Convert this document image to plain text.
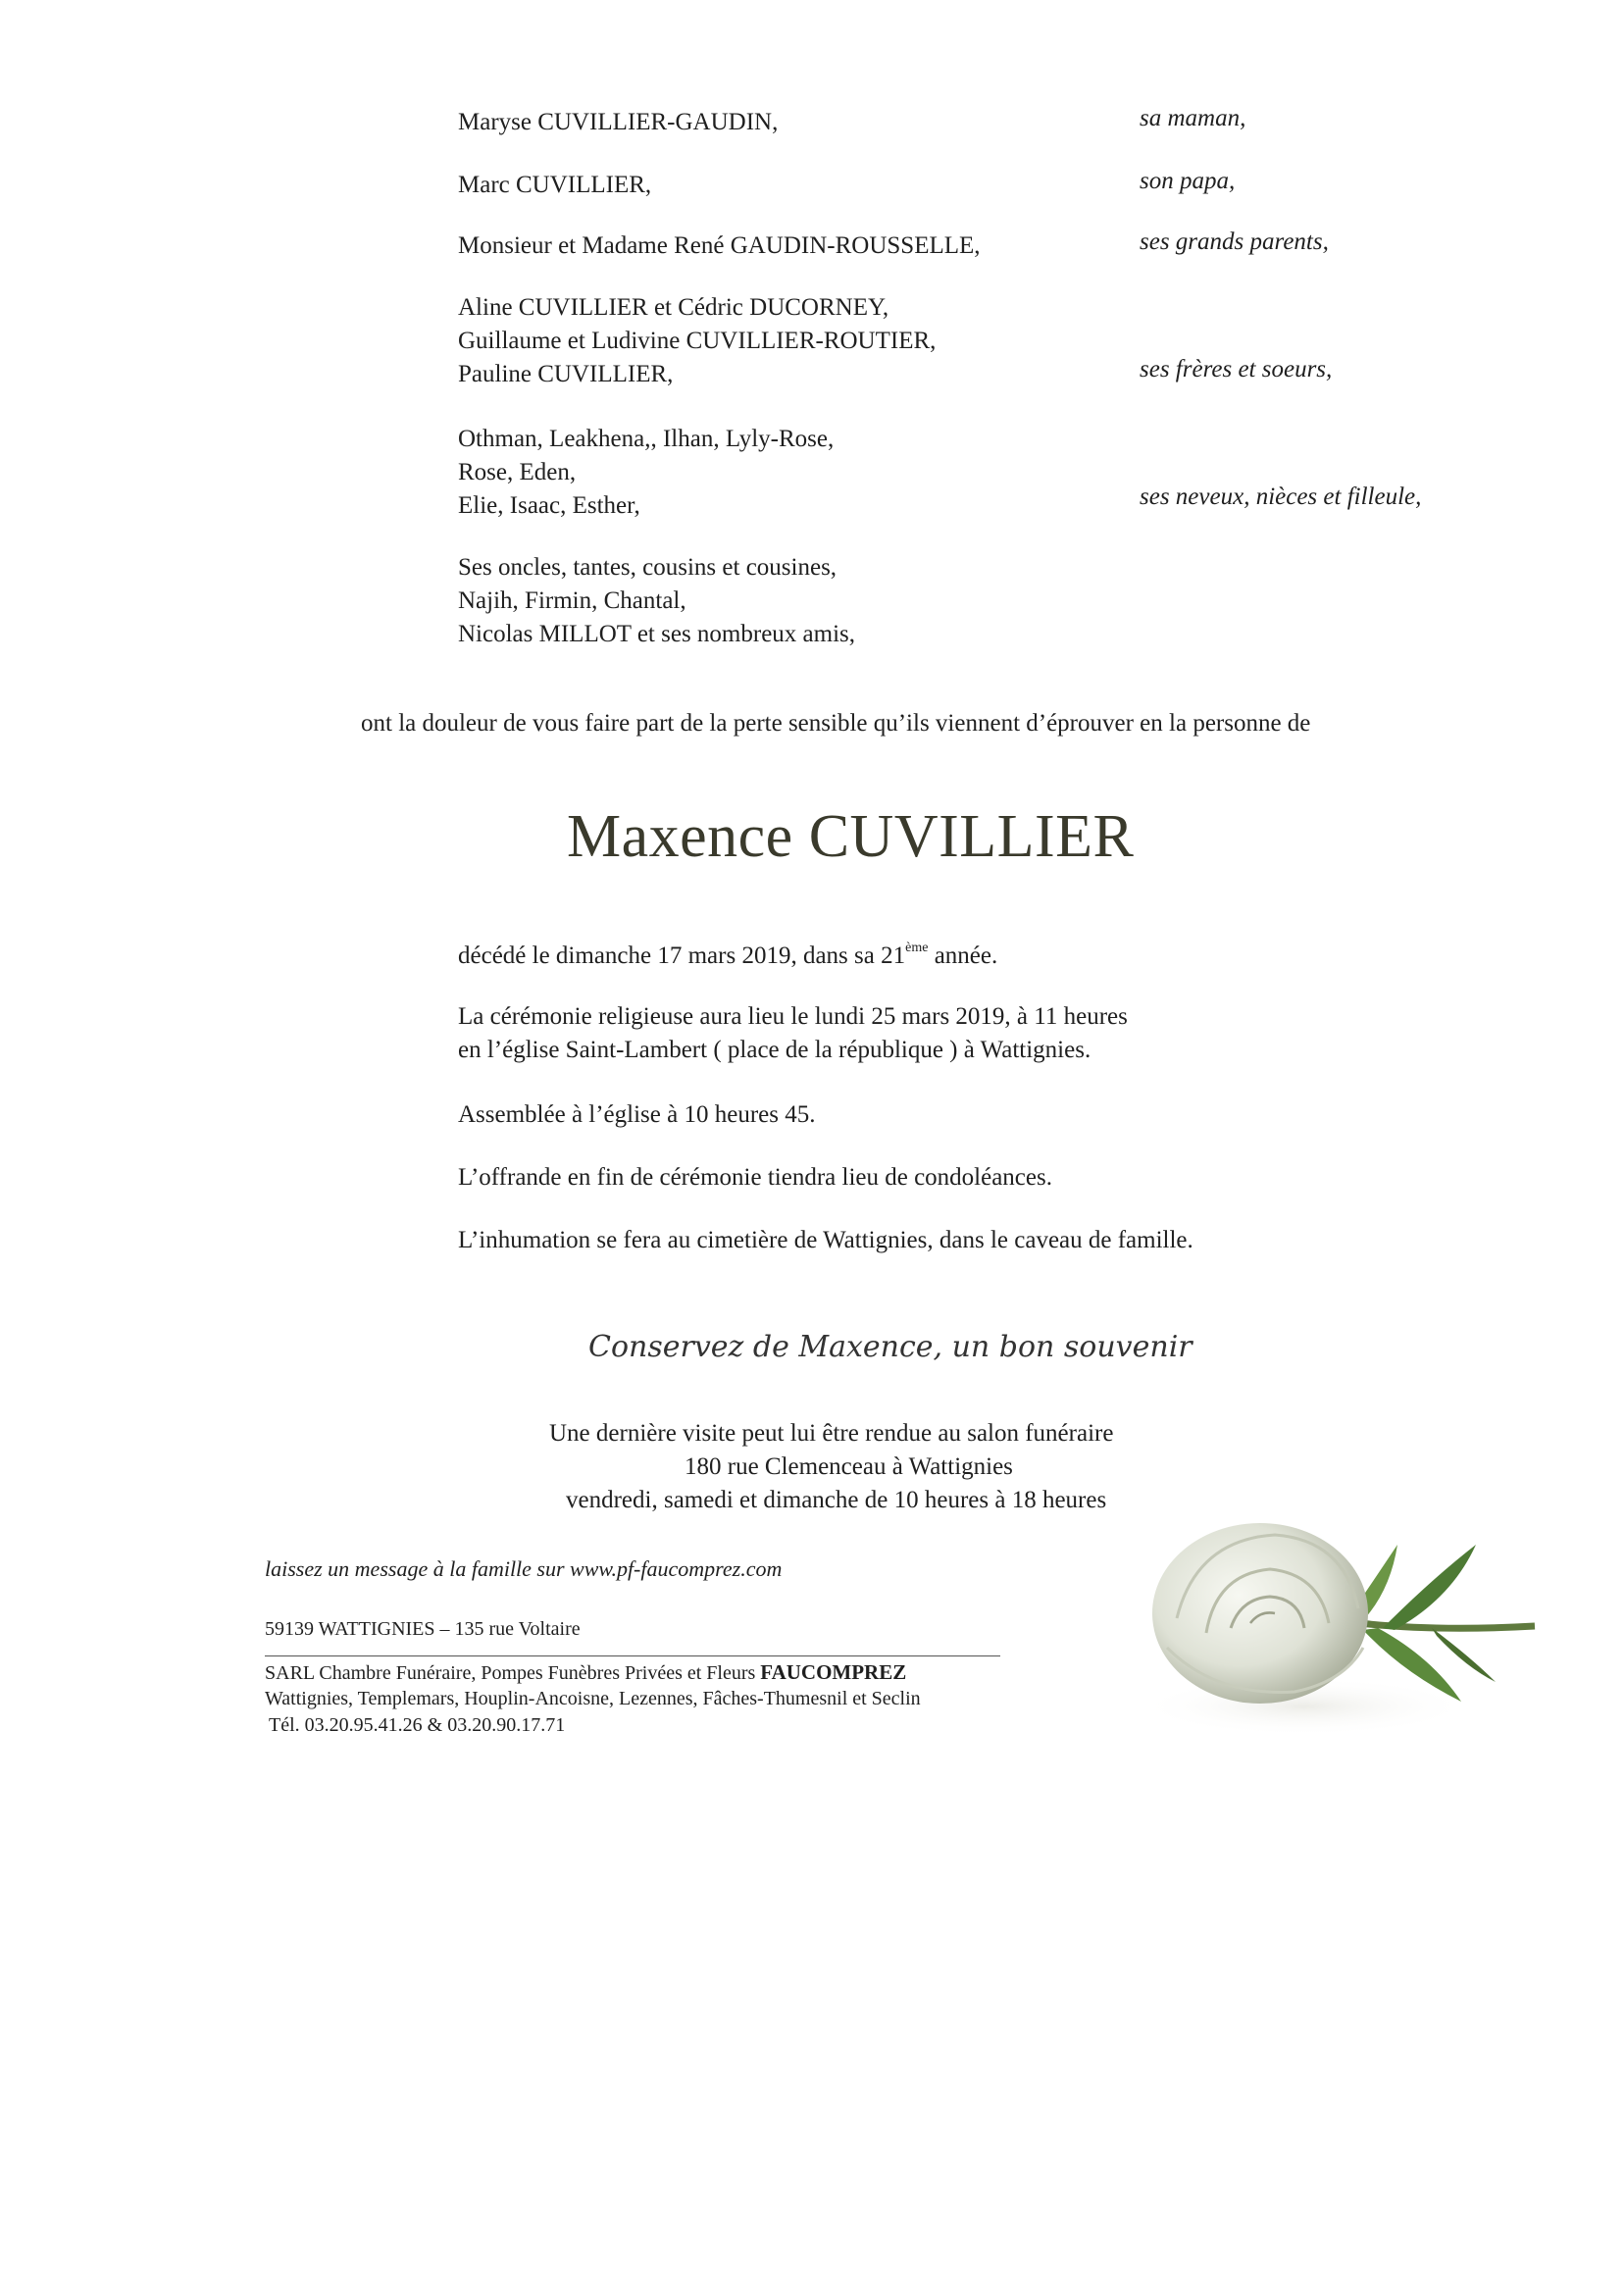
Maryse CUVILLIER-GAUDIN,	sa maman,
Marc CUVILLIER,	son papa,
Monsieur et Madame René GAUDIN-ROUSSELLE,	ses grands parents,
Aline CUVILLIER et Cédric DUCORNEY,
Guillaume et Ludivine CUVILLIER-ROUTIER,
Pauline CUVILLIER,	ses frères et soeurs,
Othman, Leakhena,, Ilhan, Lyly-Rose,
Rose, Eden,
Elie, Isaac, Esther,	ses neveux, nièces et filleule,
Ses oncles, tantes, cousins et cousines,
Najih, Firmin, Chantal,
Nicolas MILLOT et ses nombreux amis,
ont la douleur de vous faire part de la perte sensible qu’ils viennent d’éprouver en la personne de
Maxence CUVILLIER
décédé le dimanche 17 mars 2019, dans sa 21ème année.
La cérémonie religieuse aura lieu le lundi 25 mars 2019, à 11 heures
en l’église Saint-Lambert ( place de la république ) à Wattignies.
Assemblée à l’église à 10 heures 45.
L’offrande en fin de cérémonie tiendra lieu de condoléances.
L’inhumation se fera au cimetière de Wattignies, dans le caveau de famille.
Conservez de Maxence, un bon souvenir
Une dernière visite peut lui être rendue au salon funéraire
180 rue Clemenceau à Wattignies
vendredi, samedi et dimanche de 10 heures à 18 heures
laissez un message à la famille sur www.pf-faucomprez.com
59139 WATTIGNIES – 135 rue Voltaire
SARL Chambre Funéraire, Pompes Funèbres Privées et Fleurs FAUCOMPREZ
Wattignies, Templemars, Houplin-Ancoisne, Lezennes, Fâches-Thumesnil et Seclin
Tél. 03.20.95.41.26 & 03.20.90.17.71
